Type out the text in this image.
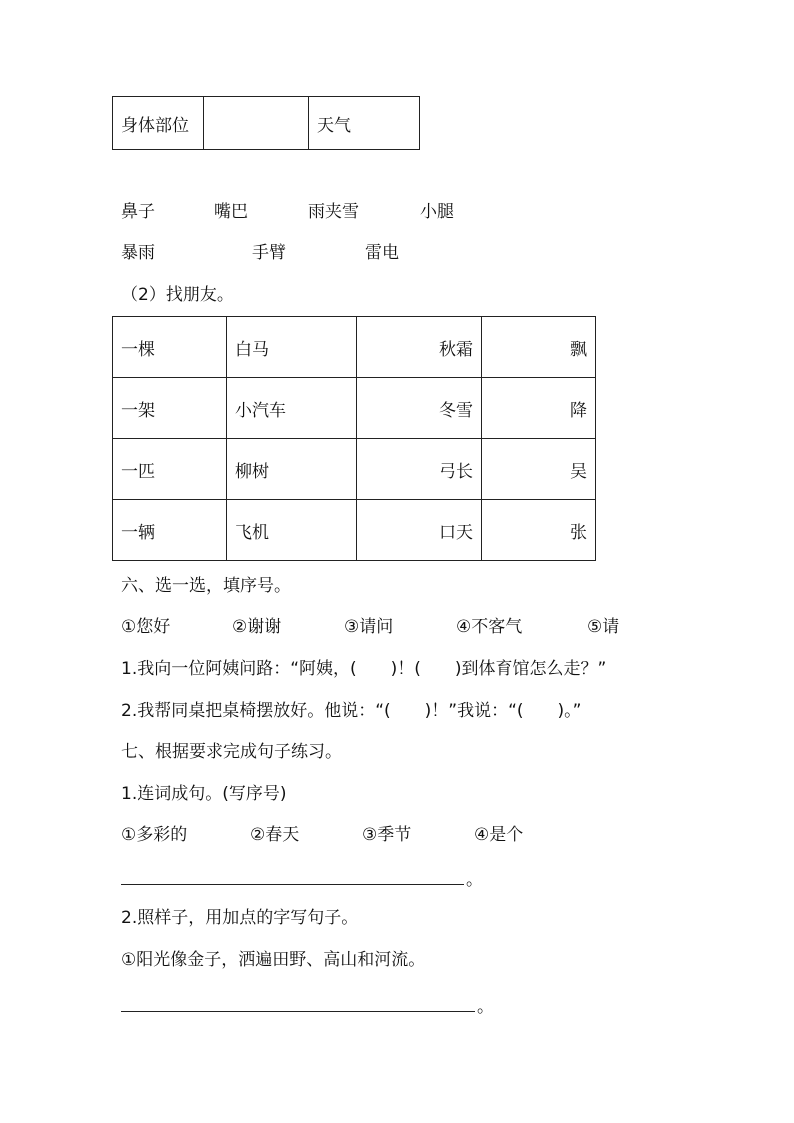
身体部位		天气
鼻子	嘴巴	雨夹雪	小腿
暴雨	手臂	雷电
（2）找朋友。
一棵	白马	秋霜	飘
一架	小汽车	冬雪	降
一匹	柳树	弓长	吴
一辆	飞机	口天	张
六、选一选，填序号。
①您好	②谢谢	③请问	④不客气	⑤请
1.我向一位阿姨问路：“阿姨，(　　)！(　　)到体育馆怎么走？”
2.我帮同桌把桌椅摆放好。他说：“(　　)！”我说：“(　　)。”
七、根据要求完成句子练习。
1.连词成句。(写序号)
①多彩的	②春天	③季节	④是个
。
2.照样子，用加点的字写句子。
①阳光像金子，洒遍田野、高山和河流。
。
